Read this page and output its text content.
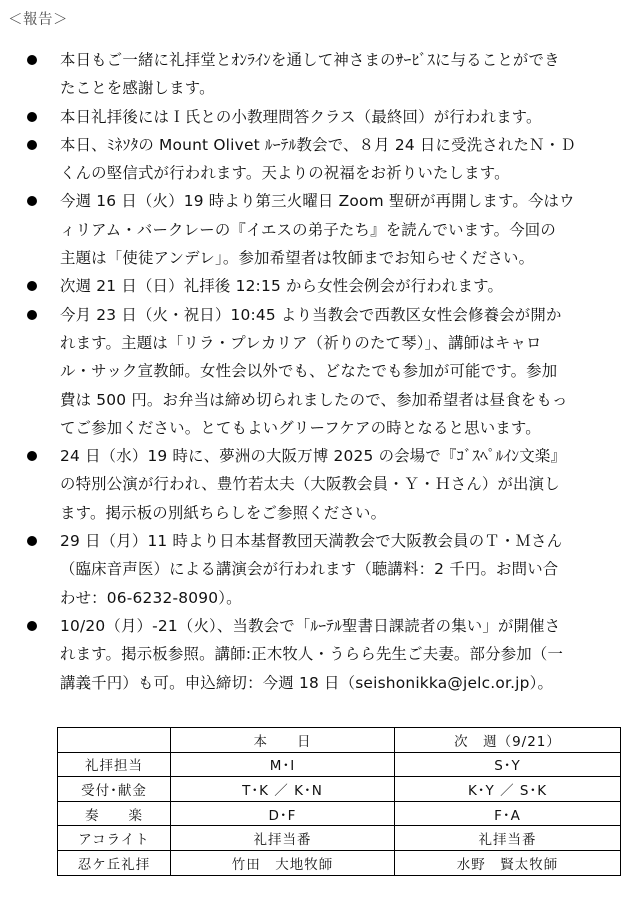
＜報告＞
本日もご一緒に礼拝堂とｵﾝﾗｲﾝを通して神さまのｻｰﾋﾞｽに与ることができ
たことを感謝します。
本日礼拝後にはＩ氏との小教理問答クラス（最終回）が行われます。
本日、ﾐﾈｿﾀの Mount Olivet ﾙｰﾃﾙ教会で、８月 24 日に受洗されたＮ・Ｄ
くんの堅信式が行われます。天よりの祝福をお祈りいたします。
今週 16 日（火）19 時より第三火曜日 Zoom 聖研が再開します。今はウ
ィリアム・バークレーの『イエスの弟子たち』を読んでいます。今回の
主題は「使徒アンデレ」。参加希望者は牧師までお知らせください。
次週 21 日（日）礼拝後 12:15 から女性会例会が行われます。
今月 23 日（火・祝日）10:45 より当教会で西教区女性会修養会が開か
れます。主題は「リラ・プレカリア（祈りのたて琴）」、講師はキャロ
ル・サック宣教師。女性会以外でも、どなたでも参加が可能です。参加
費は 500 円。お弁当は締め切られましたので、参加希望者は昼食をもっ
てご参加ください。とてもよいグリーフケアの時となると思います。
24 日（水）19 時に、夢洲の大阪万博 2025 の会場で『ｺﾞｽﾍﾟﾙｲﾝ文楽』
の特別公演が行われ、豊竹若太夫（大阪教会員・Ｙ・Ｈさん）が出演し
ます。掲示板の別紙ちらしをご参照ください。
29 日（月）11 時より日本基督教団天満教会で大阪教会員のＴ・Ｍさん
（臨床音声医）による講演会が行われます（聴講料：2 千円。お問い合
わせ：06-6232-8090）。
10/20（月）-21（火）、当教会で「ﾙｰﾃﾙ聖書日課読者の集い」が開催さ
れます。掲示板参照。講師:正木牧人・うらら先生ご夫妻。部分参加（一
講義千円）も可。申込締切：今週 18 日（seishonikka@jelc.or.jp）。
	本　　日	次　週（9/21）
礼拝担当	M･I	S･Y
受付･献金	T･K ／ K･N	K･Y ／ S･K
奏　　楽	D･F	F･A
アコライト	礼拝当番	礼拝当番
忍ケ丘礼拝	竹田　大地牧師	水野　賢太牧師
